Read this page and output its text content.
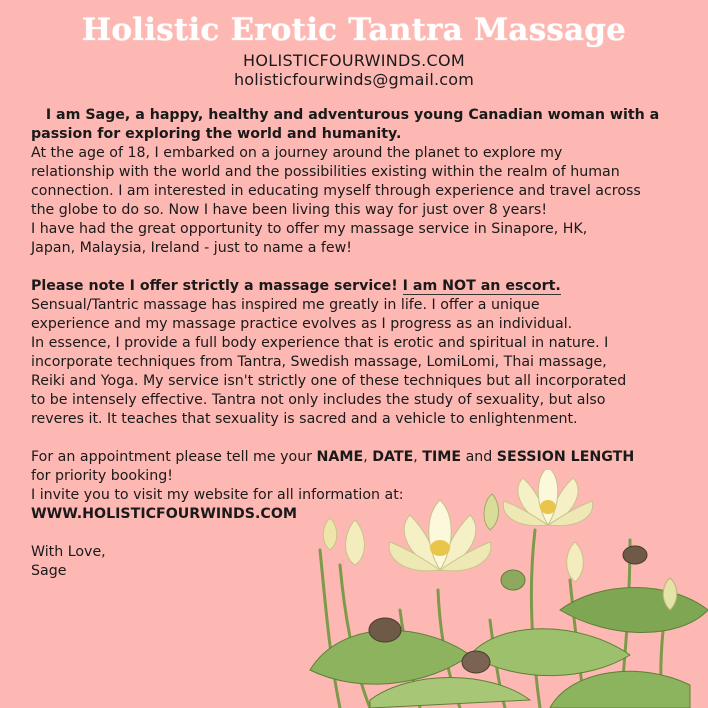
Holistic Erotic Tantra Massage
HOLISTICFOURWINDS.COM
holisticfourwinds@gmail.com
I am Sage, a happy, healthy and adventurous young Canadian woman with a
passion for exploring the world and humanity.
At the age of 18, I embarked on a journey around the planet to explore my
relationship with the world and the possibilities existing within the realm of human
connection. I am interested in educating myself through experience and travel across
the globe to do so. Now I have been living this way for just over 8 years!
I have had the great opportunity to offer my massage service in Sinapore, HK,
Japan, Malaysia, Ireland - just to name a few!
Please note I offer strictly a massage service! I am NOT an escort.
Sensual/Tantric massage has inspired me greatly in life. I offer a unique
experience and my massage practice evolves as I progress as an individual.
In essence, I provide a full body experience that is erotic and spiritual in nature. I
incorporate techniques from Tantra, Swedish massage, LomiLomi, Thai massage,
Reiki and Yoga. My service isn't strictly one of these techniques but all incorporated
to be intensely effective. Tantra not only includes the study of sexuality, but also
reveres it. It teaches that sexuality is sacred and a vehicle to enlightenment.
For an appointment please tell me your NAME, DATE, TIME and SESSION LENGTH
for priority booking!
I invite you to visit my website for all information at:
WWW.HOLISTICFOURWINDS.COM
With Love,
Sage
